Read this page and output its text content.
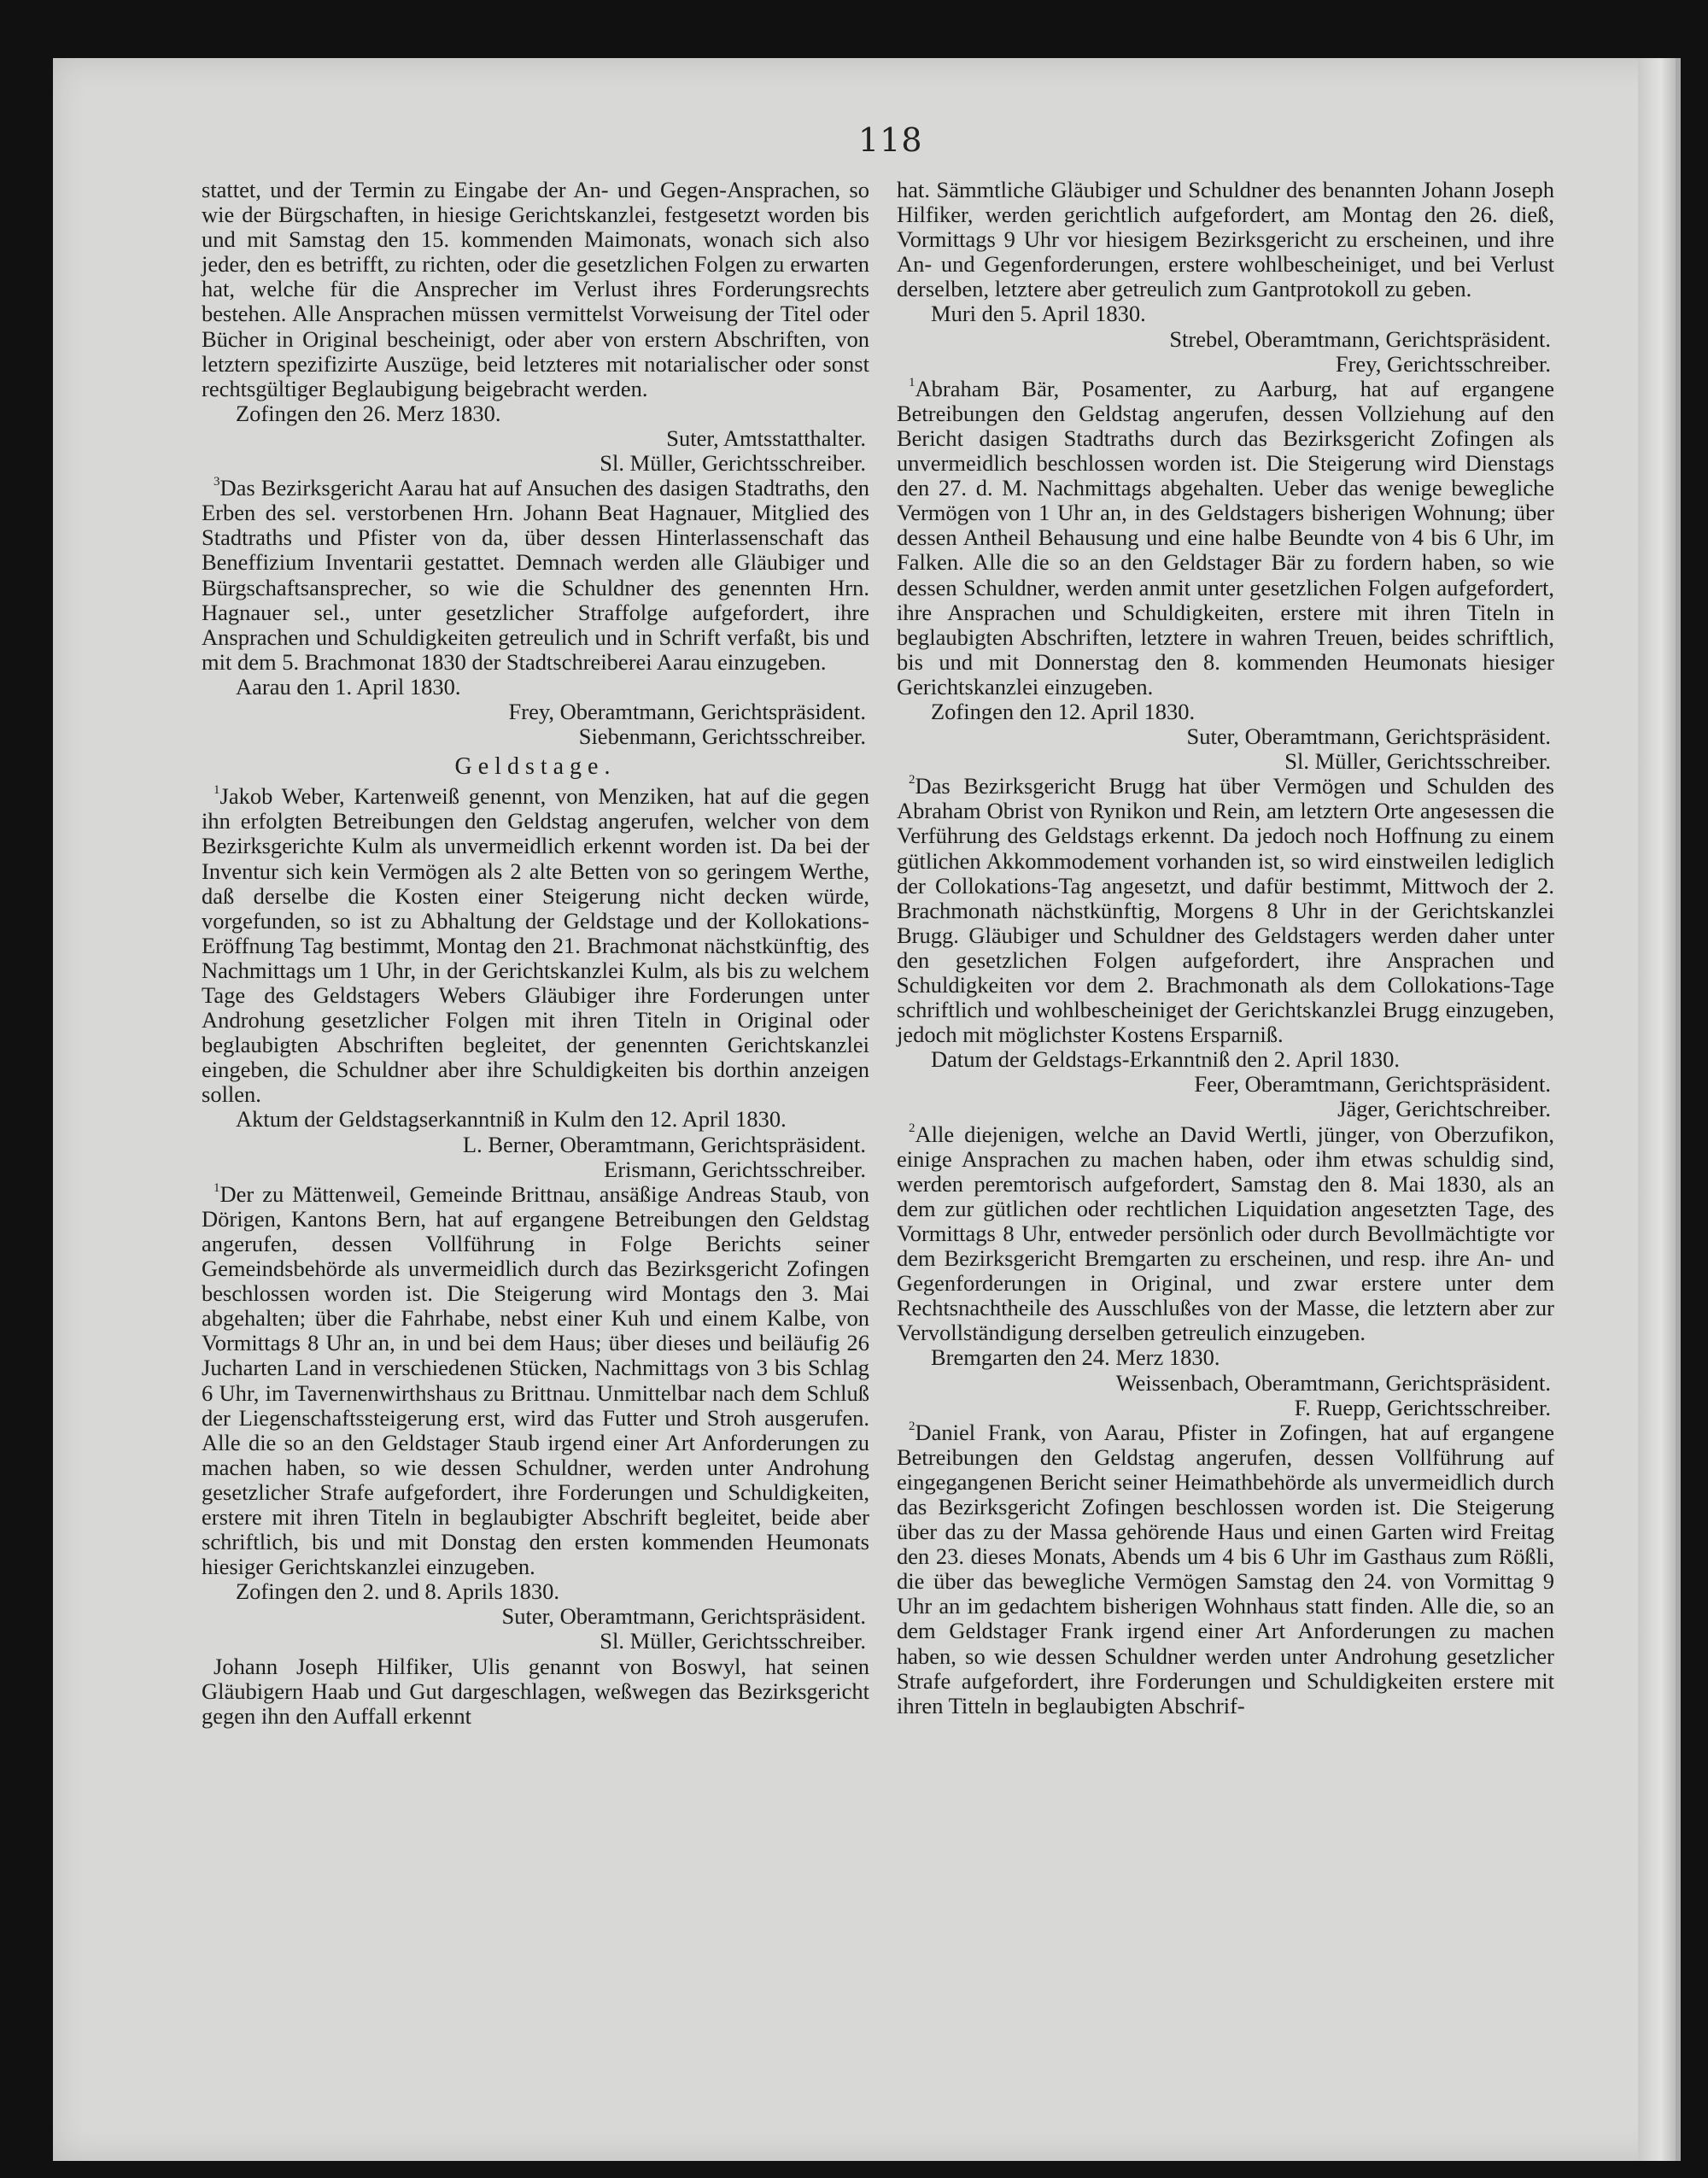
118

stattet, und der Termin zu Eingabe der An- und Gegen-Ansprachen, so wie der Bürgschaften, in hiesige Gerichtskanzlei, festgesetzt worden bis und mit Samstag den 15. kommenden Maimonats, wonach sich also jeder, den es betrifft, zu richten, oder die gesetzlichen Folgen zu erwarten hat, welche für die Ansprecher im Verlust ihres Forderungsrechts bestehen. Alle Ansprachen müssen vermittelst Vorweisung der Titel oder Bücher in Original bescheinigt, oder aber von erstern Abschriften, von letztern spezifizirte Auszüge, beid letzteres mit notarialischer oder sonst rechtsgültiger Beglaubigung beigebracht werden.

Zofingen den 26. Merz 1830.

Suter, Amtsstatthalter.

Sl. Müller, Gerichtsschreiber.

$^3$Das Bezirksgericht Aarau hat auf Ansuchen des dasigen Stadtraths, den Erben des sel. verstorbenen Hrn. Johann Beat Hagnauer, Mitglied des Stadtraths und Pfister von da, über dessen Hinterlassenschaft das Beneffizium Inventarii gestattet. Demnach werden alle Gläubiger und Bürgschaftsansprecher, so wie die Schuldner des genennten Hrn. Hagnauer sel., unter gesetzlicher Straffolge aufgefordert, ihre Ansprachen und Schuldigkeiten getreulich und in Schrift verfaßt, bis und mit dem 5. Brachmonat 1830 der Stadtschreiberei Aarau einzugeben.

Aarau den 1. April 1830.

Frey, Oberamtmann, Gerichtspräsident.

Siebenmann, Gerichtsschreiber.

Geldstage.

$^1$Jakob Weber, Kartenweiß genennt, von Menziken, hat auf die gegen ihn erfolgten Betreibungen den Geldstag angerufen, welcher von dem Bezirksgerichte Kulm als unvermeidlich erkennt worden ist. Da bei der Inventur sich kein Vermögen als 2 alte Betten von so geringem Werthe, daß derselbe die Kosten einer Steigerung nicht decken würde, vorgefunden, so ist zu Abhaltung der Geldstage und der Kollokations-Eröffnung Tag bestimmt, Montag den 21. Brachmonat nächstkünftig, des Nachmittags um 1 Uhr, in der Gerichtskanzlei Kulm, als bis zu welchem Tage des Geldstagers Webers Gläubiger ihre Forderungen unter Androhung gesetzlicher Folgen mit ihren Titeln in Original oder beglaubigten Abschriften begleitet, der genennten Gerichtskanzlei eingeben, die Schuldner aber ihre Schuldigkeiten bis dorthin anzeigen sollen.

Aktum der Geldstagserkanntniß in Kulm den 12. April 1830.

L. Berner, Oberamtmann, Gerichtspräsident.

Erismann, Gerichtsschreiber.

$^1$Der zu Mättenweil, Gemeinde Brittnau, ansäßige Andreas Staub, von Dörigen, Kantons Bern, hat auf ergangene Betreibungen den Geldstag angerufen, dessen Vollführung in Folge Berichts seiner Gemeindsbehörde als unvermeidlich durch das Bezirksgericht Zofingen beschlossen worden ist. Die Steigerung wird Montags den 3. Mai abgehalten; über die Fahrhabe, nebst einer Kuh und einem Kalbe, von Vormittags 8 Uhr an, in und bei dem Haus; über dieses und beiläufig 26 Jucharten Land in verschiedenen Stücken, Nachmittags von 3 bis Schlag 6 Uhr, im Tavernenwirthshaus zu Brittnau. Unmittelbar nach dem Schluß der Liegenschaftssteigerung erst, wird das Futter und Stroh ausgerufen. Alle die so an den Geldstager Staub irgend einer Art Anforderungen zu machen haben, so wie dessen Schuldner, werden unter Androhung gesetzlicher Strafe aufgefordert, ihre Forderungen und Schuldigkeiten, erstere mit ihren Titeln in beglaubigter Abschrift begleitet, beide aber schriftlich, bis und mit Donstag den ersten kommenden Heumonats hiesiger Gerichtskanzlei einzugeben.

Zofingen den 2. und 8. Aprils 1830.

Suter, Oberamtmann, Gerichtspräsident.

Sl. Müller, Gerichtsschreiber.

Johann Joseph Hilfiker, Ulis genannt von Boswyl, hat seinen Gläubigern Haab und Gut dargeschlagen, weßwegen das Bezirksgericht gegen ihn den Auffall erkennt

hat. Sämmtliche Gläubiger und Schuldner des benannten Johann Joseph Hilfiker, werden gerichtlich aufgefordert, am Montag den 26. dieß, Vormittags 9 Uhr vor hiesigem Bezirksgericht zu erscheinen, und ihre An- und Gegenforderungen, erstere wohlbescheiniget, und bei Verlust derselben, letztere aber getreulich zum Gantprotokoll zu geben.

Muri den 5. April 1830.

Strebel, Oberamtmann, Gerichtspräsident.

Frey, Gerichtsschreiber.

$^1$Abraham Bär, Posamenter, zu Aarburg, hat auf ergangene Betreibungen den Geldstag angerufen, dessen Vollziehung auf den Bericht dasigen Stadtraths durch das Bezirksgericht Zofingen als unvermeidlich beschlossen worden ist. Die Steigerung wird Dienstags den 27. d. M. Nachmittags abgehalten. Ueber das wenige bewegliche Vermögen von 1 Uhr an, in des Geldstagers bisherigen Wohnung; über dessen Antheil Behausung und eine halbe Beundte von 4 bis 6 Uhr, im Falken. Alle die so an den Geldstager Bär zu fordern haben, so wie dessen Schuldner, werden anmit unter gesetzlichen Folgen aufgefordert, ihre Ansprachen und Schuldigkeiten, erstere mit ihren Titeln in beglaubigten Abschriften, letztere in wahren Treuen, beides schriftlich, bis und mit Donnerstag den 8. kommenden Heumonats hiesiger Gerichtskanzlei einzugeben.

Zofingen den 12. April 1830.

Suter, Oberamtmann, Gerichtspräsident.

Sl. Müller, Gerichtsschreiber.

$^2$Das Bezirksgericht Brugg hat über Vermögen und Schulden des Abraham Obrist von Rynikon und Rein, am letztern Orte angesessen die Verführung des Geldstags erkennt. Da jedoch noch Hoffnung zu einem gütlichen Akkommodement vorhanden ist, so wird einstweilen lediglich der Collokations-Tag angesetzt, und dafür bestimmt, Mittwoch der 2. Brachmonath nächstkünftig, Morgens 8 Uhr in der Gerichtskanzlei Brugg. Gläubiger und Schuldner des Geldstagers werden daher unter den gesetzlichen Folgen aufgefordert, ihre Ansprachen und Schuldigkeiten vor dem 2. Brachmonath als dem Collokations-Tage schriftlich und wohlbescheiniget der Gerichtskanzlei Brugg einzugeben, jedoch mit möglichster Kostens Ersparniß.

Datum der Geldstags-Erkanntniß den 2. April 1830.

Feer, Oberamtmann, Gerichtspräsident.

Jäger, Gerichtschreiber.

$^2$Alle diejenigen, welche an David Wertli, jünger, von Oberzufikon, einige Ansprachen zu machen haben, oder ihm etwas schuldig sind, werden peremtorisch aufgefordert, Samstag den 8. Mai 1830, als an dem zur gütlichen oder rechtlichen Liquidation angesetzten Tage, des Vormittags 8 Uhr, entweder persönlich oder durch Bevollmächtigte vor dem Bezirksgericht Bremgarten zu erscheinen, und resp. ihre An- und Gegenforderungen in Original, und zwar erstere unter dem Rechtsnachtheile des Ausschlußes von der Masse, die letztern aber zur Vervollständigung derselben getreulich einzugeben.

Bremgarten den 24. Merz 1830.

Weissenbach, Oberamtmann, Gerichtspräsident.

F. Ruepp, Gerichtsschreiber.

$^2$Daniel Frank, von Aarau, Pfister in Zofingen, hat auf ergangene Betreibungen den Geldstag angerufen, dessen Vollführung auf eingegangenen Bericht seiner Heimathbehörde als unvermeidlich durch das Bezirksgericht Zofingen beschlossen worden ist. Die Steigerung über das zu der Massa gehörende Haus und einen Garten wird Freitag den 23. dieses Monats, Abends um 4 bis 6 Uhr im Gasthaus zum Rößli, die über das bewegliche Vermögen Samstag den 24. von Vormittag 9 Uhr an im gedachtem bisherigen Wohnhaus statt finden. Alle die, so an dem Geldstager Frank irgend einer Art Anforderungen zu machen haben, so wie dessen Schuldner werden unter Androhung gesetzlicher Strafe aufgefordert, ihre Forderungen und Schuldigkeiten erstere mit ihren Titteln in beglaubigten Abschrif-
